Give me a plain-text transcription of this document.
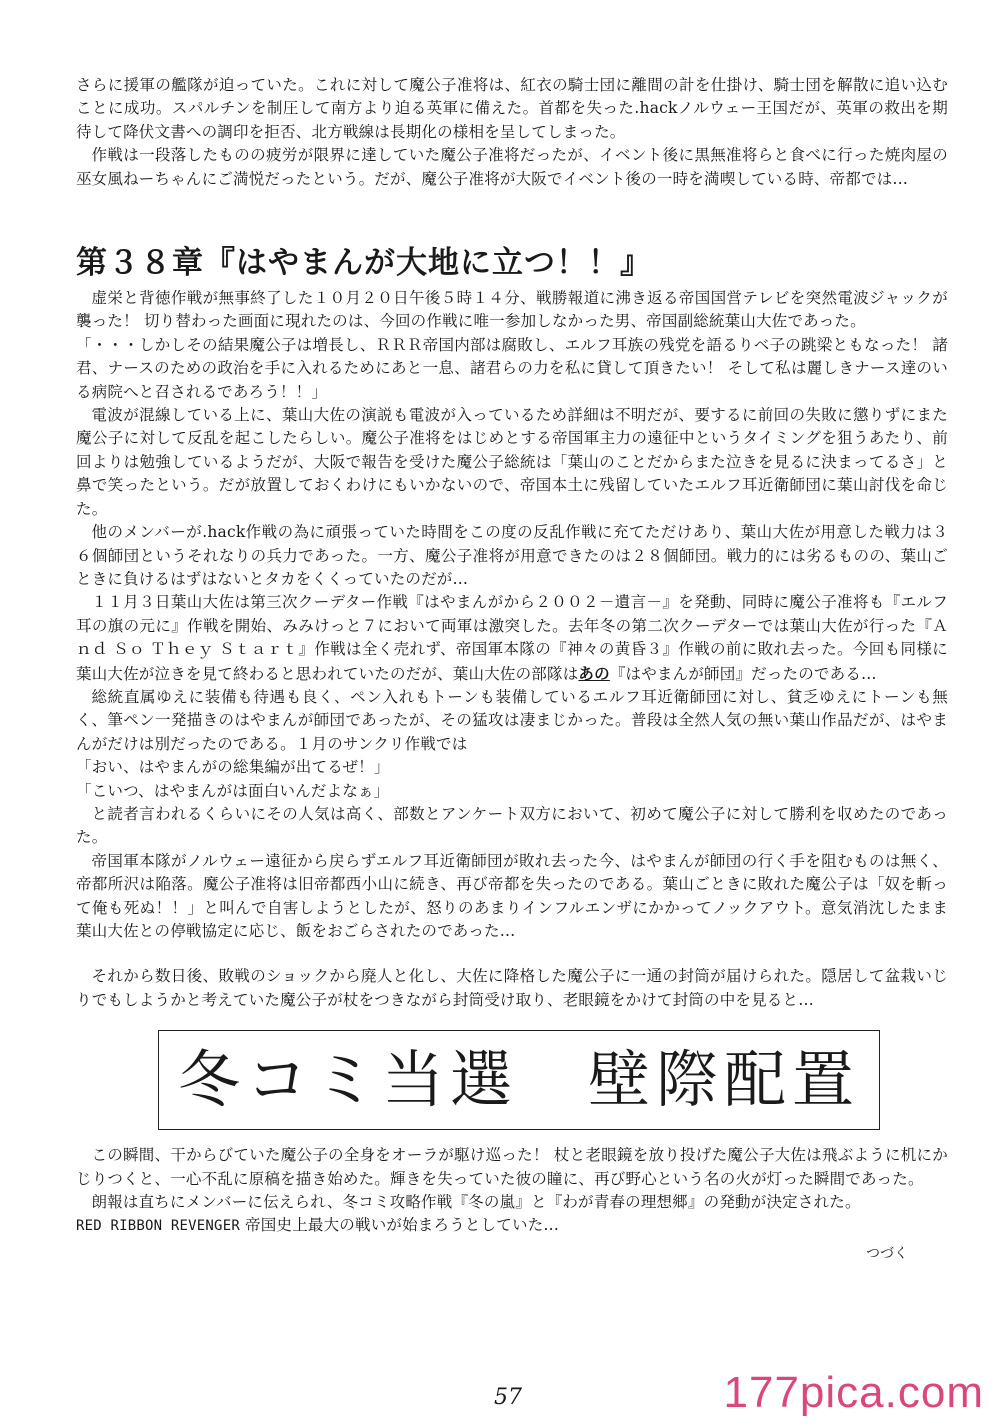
さらに援軍の艦隊が迫っていた。これに対して魔公子准将は、紅衣の騎士団に離間の計を仕掛け、騎士団を解散に追い込むことに成功。スパルチンを制圧して南方より迫る英軍に備えた。首都を失った.hackノルウェー王国だが、英軍の救出を期待して降伏文書への調印を拒否、北方戦線は長期化の様相を呈してしまった。

作戦は一段落したものの疲労が限界に達していた魔公子准将だったが、イベント後に黒無准将らと食べに行った焼肉屋の巫女風ねーちゃんにご満悦だったという。だが、魔公子准将が大阪でイベント後の一時を満喫している時、帝都では…

第３８章『はやまんが大地に立つ！！』

虚栄と背徳作戦が無事終了した１０月２０日午後５時１４分、戦勝報道に沸き返る帝国国営テレビを突然電波ジャックが襲った！ 切り替わった画面に現れたのは、今回の作戦に唯一参加しなかった男、帝国副総統葉山大佐であった。

「・・・しかしその結果魔公子は増長し、ＲＲＲ帝国内部は腐敗し、エルフ耳族の残党を語るりベ子の跳梁ともなった！ 諸君、ナースのための政治を手に入れるためにあと一息、諸君らの力を私に貸して頂きたい！ そして私は麗しきナース達のいる病院へと召されるであろう！！」

電波が混線している上に、葉山大佐の演説も電波が入っているため詳細は不明だが、要するに前回の失敗に懲りずにまた魔公子に対して反乱を起こしたらしい。魔公子准将をはじめとする帝国軍主力の遠征中というタイミングを狙うあたり、前回よりは勉強しているようだが、大阪で報告を受けた魔公子総統は「葉山のことだからまた泣きを見るに決まってるさ」と鼻で笑ったという。だが放置しておくわけにもいかないので、帝国本土に残留していたエルフ耳近衛師団に葉山討伐を命じた。

他のメンバーが.hack作戦の為に頑張っていた時間をこの度の反乱作戦に充てただけあり、葉山大佐が用意した戦力は３６個師団というそれなりの兵力であった。一方、魔公子准将が用意できたのは２８個師団。戦力的には劣るものの、葉山ごときに負けるはずはないとタカをくくっていたのだが…

１１月３日葉山大佐は第三次クーデター作戦『はやまんがから２００２－遺言－』を発動、同時に魔公子准将も『エルフ耳の旗の元に』作戦を開始、みみけっと７において両軍は激突した。去年冬の第二次クーデターでは葉山大佐が行った『Ａｎｄ Ｓｏ Ｔｈｅｙ Ｓｔａｒｔ』作戦は全く売れず、帝国軍本隊の『神々の黄昏３』作戦の前に敗れ去った。今回も同様に葉山大佐が泣きを見て終わると思われていたのだが、葉山大佐の部隊はあの『はやまんが師団』だったのである…

総統直属ゆえに装備も待遇も良く、ペン入れもトーンも装備しているエルフ耳近衛師団に対し、貧乏ゆえにトーンも無く、筆ペン一発描きのはやまんが師団であったが、その猛攻は凄まじかった。普段は全然人気の無い葉山作品だが、はやまんがだけは別だったのである。１月のサンクリ作戦では

「おい、はやまんがの総集編が出てるぜ！」

「こいつ、はやまんがは面白いんだよなぁ」

と読者言われるくらいにその人気は高く、部数とアンケート双方において、初めて魔公子に対して勝利を収めたのであった。

帝国軍本隊がノルウェー遠征から戻らずエルフ耳近衛師団が敗れ去った今、はやまんが師団の行く手を阻むものは無く、帝都所沢は陥落。魔公子准将は旧帝都西小山に続き、再び帝都を失ったのである。葉山ごときに敗れた魔公子は「奴を斬って俺も死ぬ！！」と叫んで自害しようとしたが、怒りのあまりインフルエンザにかかってノックアウト。意気消沈したまま葉山大佐との停戦協定に応じ、飯をおごらされたのであった…

それから数日後、敗戦のショックから廃人と化し、大佐に降格した魔公子に一通の封筒が届けられた。隠居して盆栽いじりでもしようかと考えていた魔公子が杖をつきながら封筒受け取り、老眼鏡をかけて封筒の中を見ると…

冬コミ当選 壁際配置

この瞬間、干からびていた魔公子の全身をオーラが駆け巡った！ 杖と老眼鏡を放り投げた魔公子大佐は飛ぶように机にかじりつくと、一心不乱に原稿を描き始めた。輝きを失っていた彼の瞳に、再び野心という名の火が灯った瞬間であった。

朗報は直ちにメンバーに伝えられ、冬コミ攻略作戦『冬の嵐』と『わが青春の理想郷』の発動が決定された。

RED RIBBON REVENGER 帝国史上最大の戦いが始まろうとしていた…

つづく

57	177pica.com
